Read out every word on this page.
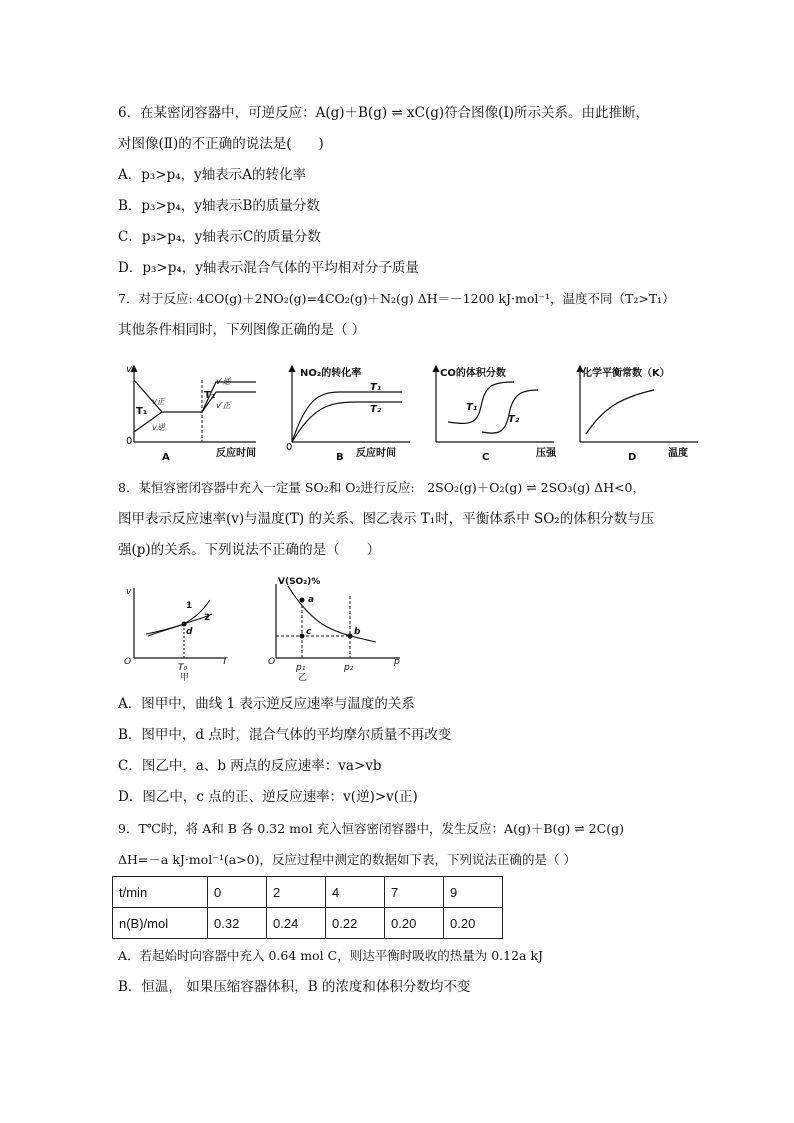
6．在某密闭容器中，可逆反应：A(g)＋B(g) ⇌ xC(g)符合图像(Ⅰ)所示关系。由此推断，
对图像(Ⅱ)的不正确的说法是(　　)
A．p₃>p₄，y轴表示A的转化率
B．p₃>p₄，y轴表示B的质量分数
C．p₃>p₄，y轴表示C的质量分数
D．p₃>p₄，y轴表示混合气体的平均相对分子质量
7．对于反应: 4CO(g)＋2NO₂(g)=4CO₂(g)＋N₂(g) ΔH＝－1200 kJ·mol⁻¹，温度不同（T₂>T₁）
其他条件相同时，下列图像正确的是（ ）
v
0
T₁
T₂
v正
v逆
v′逆
v′正
反应时间
A
0
NO₂的转化率
T₁
T₂
反应时间
B
CO的体积分数
T₁
T₂
压强
C
化学平衡常数（K）
温度
D
8．某恒容密闭容器中充入一定量 SO₂和 O₂进行反应:　2SO₂(g)＋O₂(g) ⇌ 2SO₃(g) ΔH<0，
图甲表示反应速率(v)与温度(T) 的关系、图乙表示 T₁时，平衡体系中 SO₂的体积分数与压
强(p)的关系。下列说法不正确的是（　　）
v
O	T
d
1
2
T₀
甲
V(SO₂)%
O	p
a
c	b
p₁	p₂
乙
A．图甲中，曲线 1 表示逆反应速率与温度的关系
B．图甲中，d 点时，混合气体的平均摩尔质量不再改变
C．图乙中，a、b 两点的反应速率：va>vb
D．图乙中，c 点的正、逆反应速率：v(逆)>v(正)
9．T℃时，将 A和 B 各 0.32 mol 充入恒容密闭容器中，发生反应：A(g)＋B(g) ⇌ 2C(g)
ΔH=－a kJ·mol⁻¹(a>0)，反应过程中测定的数据如下表，下列说法正确的是（ ）
t/min	0	2	4	7	9
n(B)/mol	0.32	0.24	0.22	0.20	0.20
A．若起始时向容器中充入 0.64 mol C，则达平衡时吸收的热量为 0.12a kJ
B．恒温， 如果压缩容器体积，B 的浓度和体积分数均不变
